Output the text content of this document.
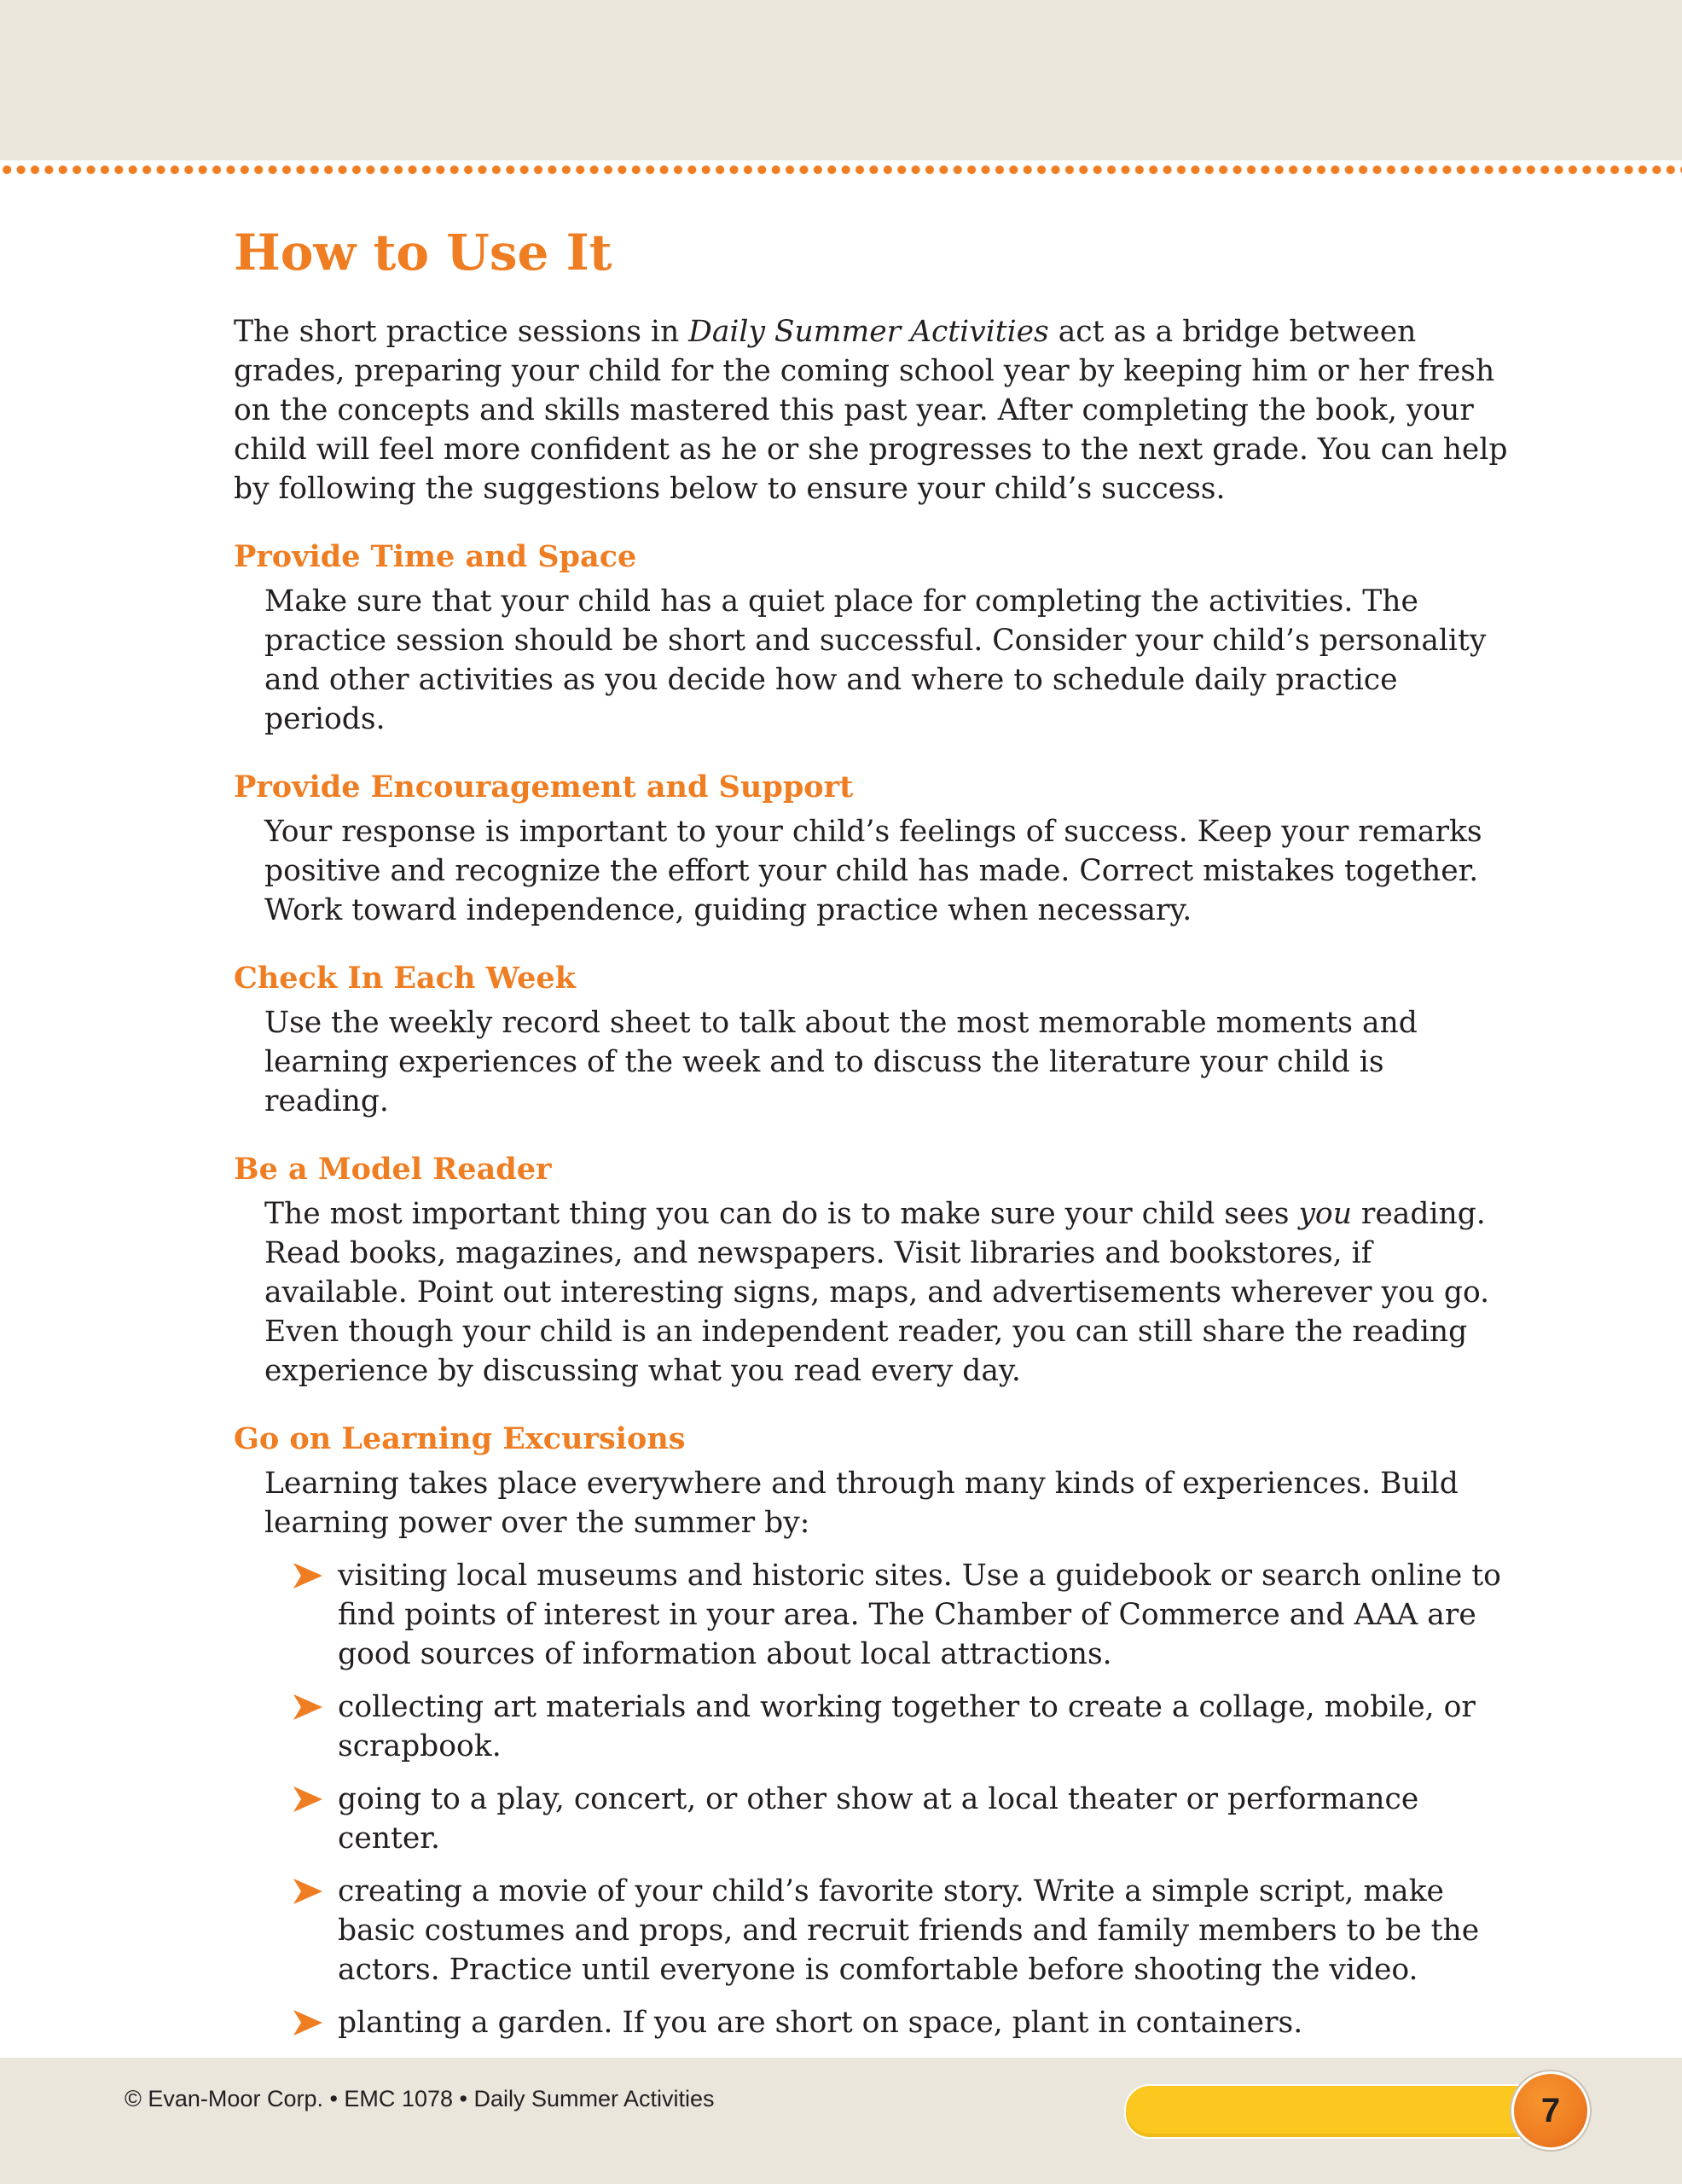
How to Use It

The short practice sessions in Daily Summer Activities act as a bridge between grades, preparing your child for the coming school year by keeping him or her fresh on the concepts and skills mastered this past year. After completing the book, your child will feel more confident as he or she progresses to the next grade. You can help by following the suggestions below to ensure your child’s success.

Provide Time and Space

Make sure that your child has a quiet place for completing the activities. The practice session should be short and successful. Consider your child’s personality and other activities as you decide how and where to schedule daily practice periods.

Provide Encouragement and Support

Your response is important to your child’s feelings of success. Keep your remarks positive and recognize the effort your child has made. Correct mistakes together. Work toward independence, guiding practice when necessary.

Check In Each Week

Use the weekly record sheet to talk about the most memorable moments and learning experiences of the week and to discuss the literature your child is reading.

Be a Model Reader

The most important thing you can do is to make sure your child sees you reading. Read books, magazines, and newspapers. Visit libraries and bookstores, if available. Point out interesting signs, maps, and advertisements wherever you go. Even though your child is an independent reader, you can still share the reading experience by discussing what you read every day.

Go on Learning Excursions

Learning takes place everywhere and through many kinds of experiences. Build learning power over the summer by:

visiting local museums and historic sites. Use a guidebook or search online to find points of interest in your area. The Chamber of Commerce and AAA are good sources of information about local attractions.

collecting art materials and working together to create a collage, mobile, or scrapbook.

going to a play, concert, or other show at a local theater or performance center.

creating a movie of your child’s favorite story. Write a simple script, make basic costumes and props, and recruit friends and family members to be the actors. Practice until everyone is comfortable before shooting the video.

planting a garden. If you are short on space, plant in containers.

© Evan-Moor Corp. • EMC 1078 • Daily Summer Activities	7
